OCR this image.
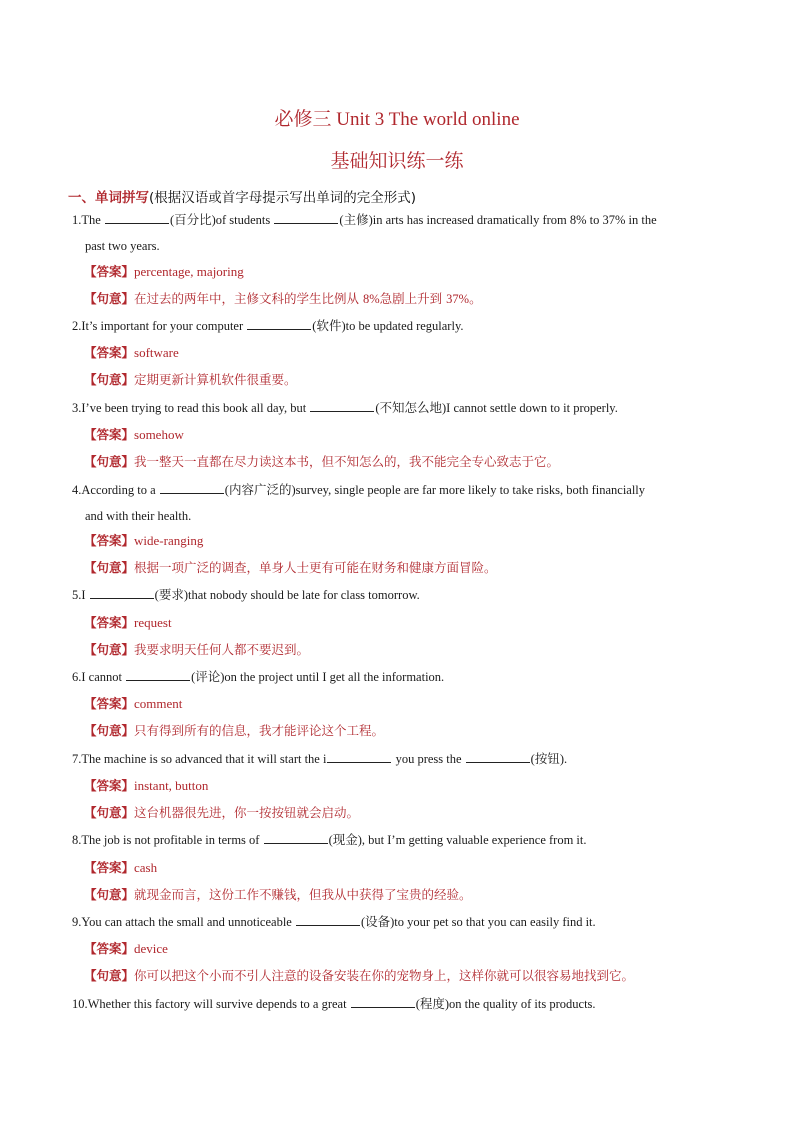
必修三 Unit 3 The world online
基础知识练一练
一、单词拼写(根据汉语或首字母提示写出单词的完全形式)
1.The	(百分比)of students	(主修)in arts has increased dramatically from 8% to 37% in the
past two years.
【答案】percentage, majoring
【句意】在过去的两年中，主修文科的学生比例从 8%急剧上升到 37%。
2.It’s important for your computer	(软件)to be updated regularly.
【答案】software
【句意】定期更新计算机软件很重要。
3.I’ve been trying to read this book all day, but	(不知怎么地)I cannot settle down to it properly.
【答案】somehow
【句意】我一整天一直都在尽力读这本书，但不知怎么的，我不能完全专心致志于它。
4.According to a	(内容广泛的)survey, single people are far more likely to take risks, both financially
and with their health.
【答案】wide-ranging
【句意】根据一项广泛的调查，单身人士更有可能在财务和健康方面冒险。
5.I	(要求)that nobody should be late for class tomorrow.
【答案】request
【句意】我要求明天任何人都不要迟到。
6.I cannot	(评论)on the project until I get all the information.
【答案】comment
【句意】只有得到所有的信息，我才能评论这个工程。
7.The machine is so advanced that it will start the i	you press the	(按钮).
【答案】instant, button
【句意】这台机器很先进，你一按按钮就会启动。
8.The job is not profitable in terms of	(现金), but I’m getting valuable experience from it.
【答案】cash
【句意】就现金而言，这份工作不赚钱，但我从中获得了宝贵的经验。
9.You can attach the small and unnoticeable	(设备)to your pet so that you can easily find it.
【答案】device
【句意】你可以把这个小而不引人注意的设备安装在你的宠物身上，这样你就可以很容易地找到它。
10.Whether this factory will survive depends to a great	(程度)on the quality of its products.
